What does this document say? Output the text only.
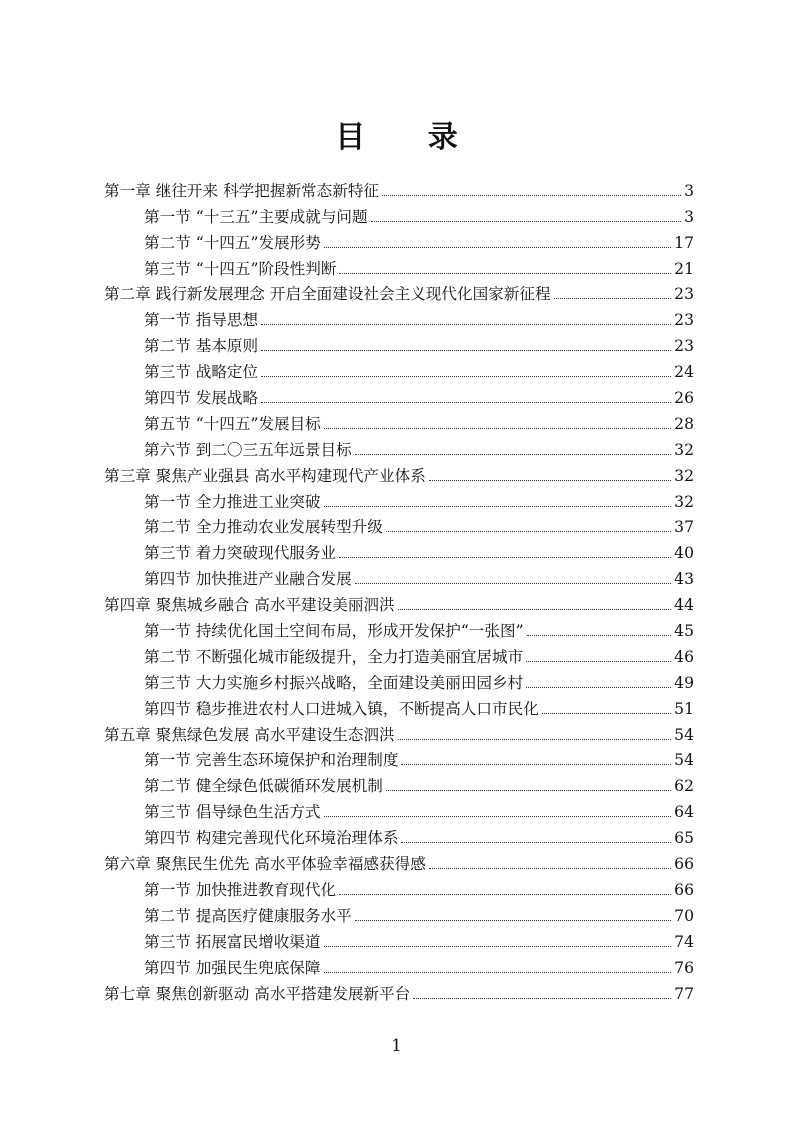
目 录
第一章 继往开来 科学把握新常态新特征	3
第一节 “十三五”主要成就与问题	3
第二节 “十四五”发展形势	17
第三节 “十四五”阶段性判断	21
第二章 践行新发展理念 开启全面建设社会主义现代化国家新征程	23
第一节 指导思想	23
第二节 基本原则	23
第三节 战略定位	24
第四节 发展战略	26
第五节 “十四五”发展目标	28
第六节 到二〇三五年远景目标	32
第三章 聚焦产业强县 高水平构建现代产业体系	32
第一节 全力推进工业突破	32
第二节 全力推动农业发展转型升级	37
第三节 着力突破现代服务业	40
第四节 加快推进产业融合发展	43
第四章 聚焦城乡融合 高水平建设美丽泗洪	44
第一节 持续优化国土空间布局，形成开发保护“一张图”	45
第二节 不断强化城市能级提升，全力打造美丽宜居城市	46
第三节 大力实施乡村振兴战略，全面建设美丽田园乡村	49
第四节 稳步推进农村人口进城入镇，不断提高人口市民化	51
第五章 聚焦绿色发展 高水平建设生态泗洪	54
第一节 完善生态环境保护和治理制度	54
第二节 健全绿色低碳循环发展机制	62
第三节 倡导绿色生活方式	64
第四节 构建完善现代化环境治理体系	65
第六章 聚焦民生优先 高水平体验幸福感获得感	66
第一节 加快推进教育现代化	66
第二节 提高医疗健康服务水平	70
第三节 拓展富民增收渠道	74
第四节 加强民生兜底保障	76
第七章 聚焦创新驱动 高水平搭建发展新平台	77
1
